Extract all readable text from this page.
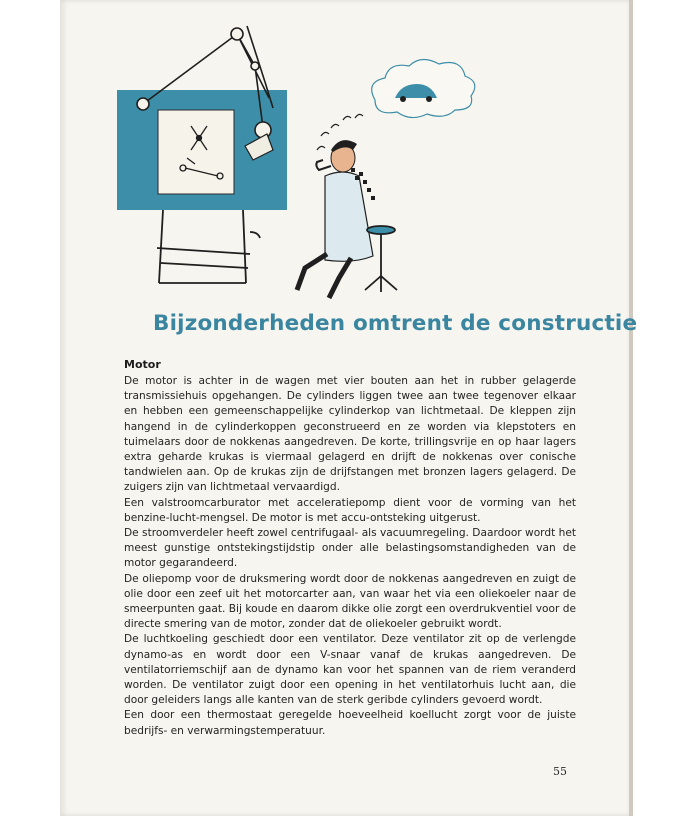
Bijzonderheden omtrent de constructie
Motor

De motor is achter in de wagen met vier bouten aan het in rubber gelagerde transmissiehuis opgehangen. De cylinders liggen twee aan twee tegenover elkaar en hebben een gemeenschappelijke cylinderkop van lichtmetaal. De kleppen zijn hangend in de cylinderkoppen geconstrueerd en ze worden via klepstoters en tuimelaars door de nokkenas aangedreven. De korte, trillingsvrije en op haar lagers extra geharde krukas is viermaal gelagerd en drijft de nokkenas over conische tandwielen aan. Op de krukas zijn de drijfstangen met bronzen lagers gelagerd. De zuigers zijn van lichtmetaal vervaardigd.

Een valstroomcarburator met acceleratiepomp dient voor de vorming van het benzine-lucht-mengsel. De motor is met accu-ontsteking uitgerust.

De stroomverdeler heeft zowel centrifugaal- als vacuumregeling. Daardoor wordt het meest gunstige ontstekingstijdstip onder alle belastingsomstandigheden van de motor gegarandeerd.

De oliepomp voor de druksmering wordt door de nokkenas aangedreven en zuigt de olie door een zeef uit het motorcarter aan, van waar het via een oliekoeler naar de smeerpunten gaat. Bij koude en daarom dikke olie zorgt een overdrukventiel voor de directe smering van de motor, zonder dat de oliekoeler gebruikt wordt.

De luchtkoeling geschiedt door een ventilator. Deze ventilator zit op de verlengde dynamo-as en wordt door een V-snaar vanaf de krukas aangedreven. De ventilatorriemschijf aan de dynamo kan voor het spannen van de riem veranderd worden. De ventilator zuigt door een opening in het ventilatorhuis lucht aan, die door geleiders langs alle kanten van de sterk geribde cylinders gevoerd wordt.

Een door een thermostaat geregelde hoeveelheid koellucht zorgt voor de juiste bedrijfs- en verwarmingstemperatuur.

55
